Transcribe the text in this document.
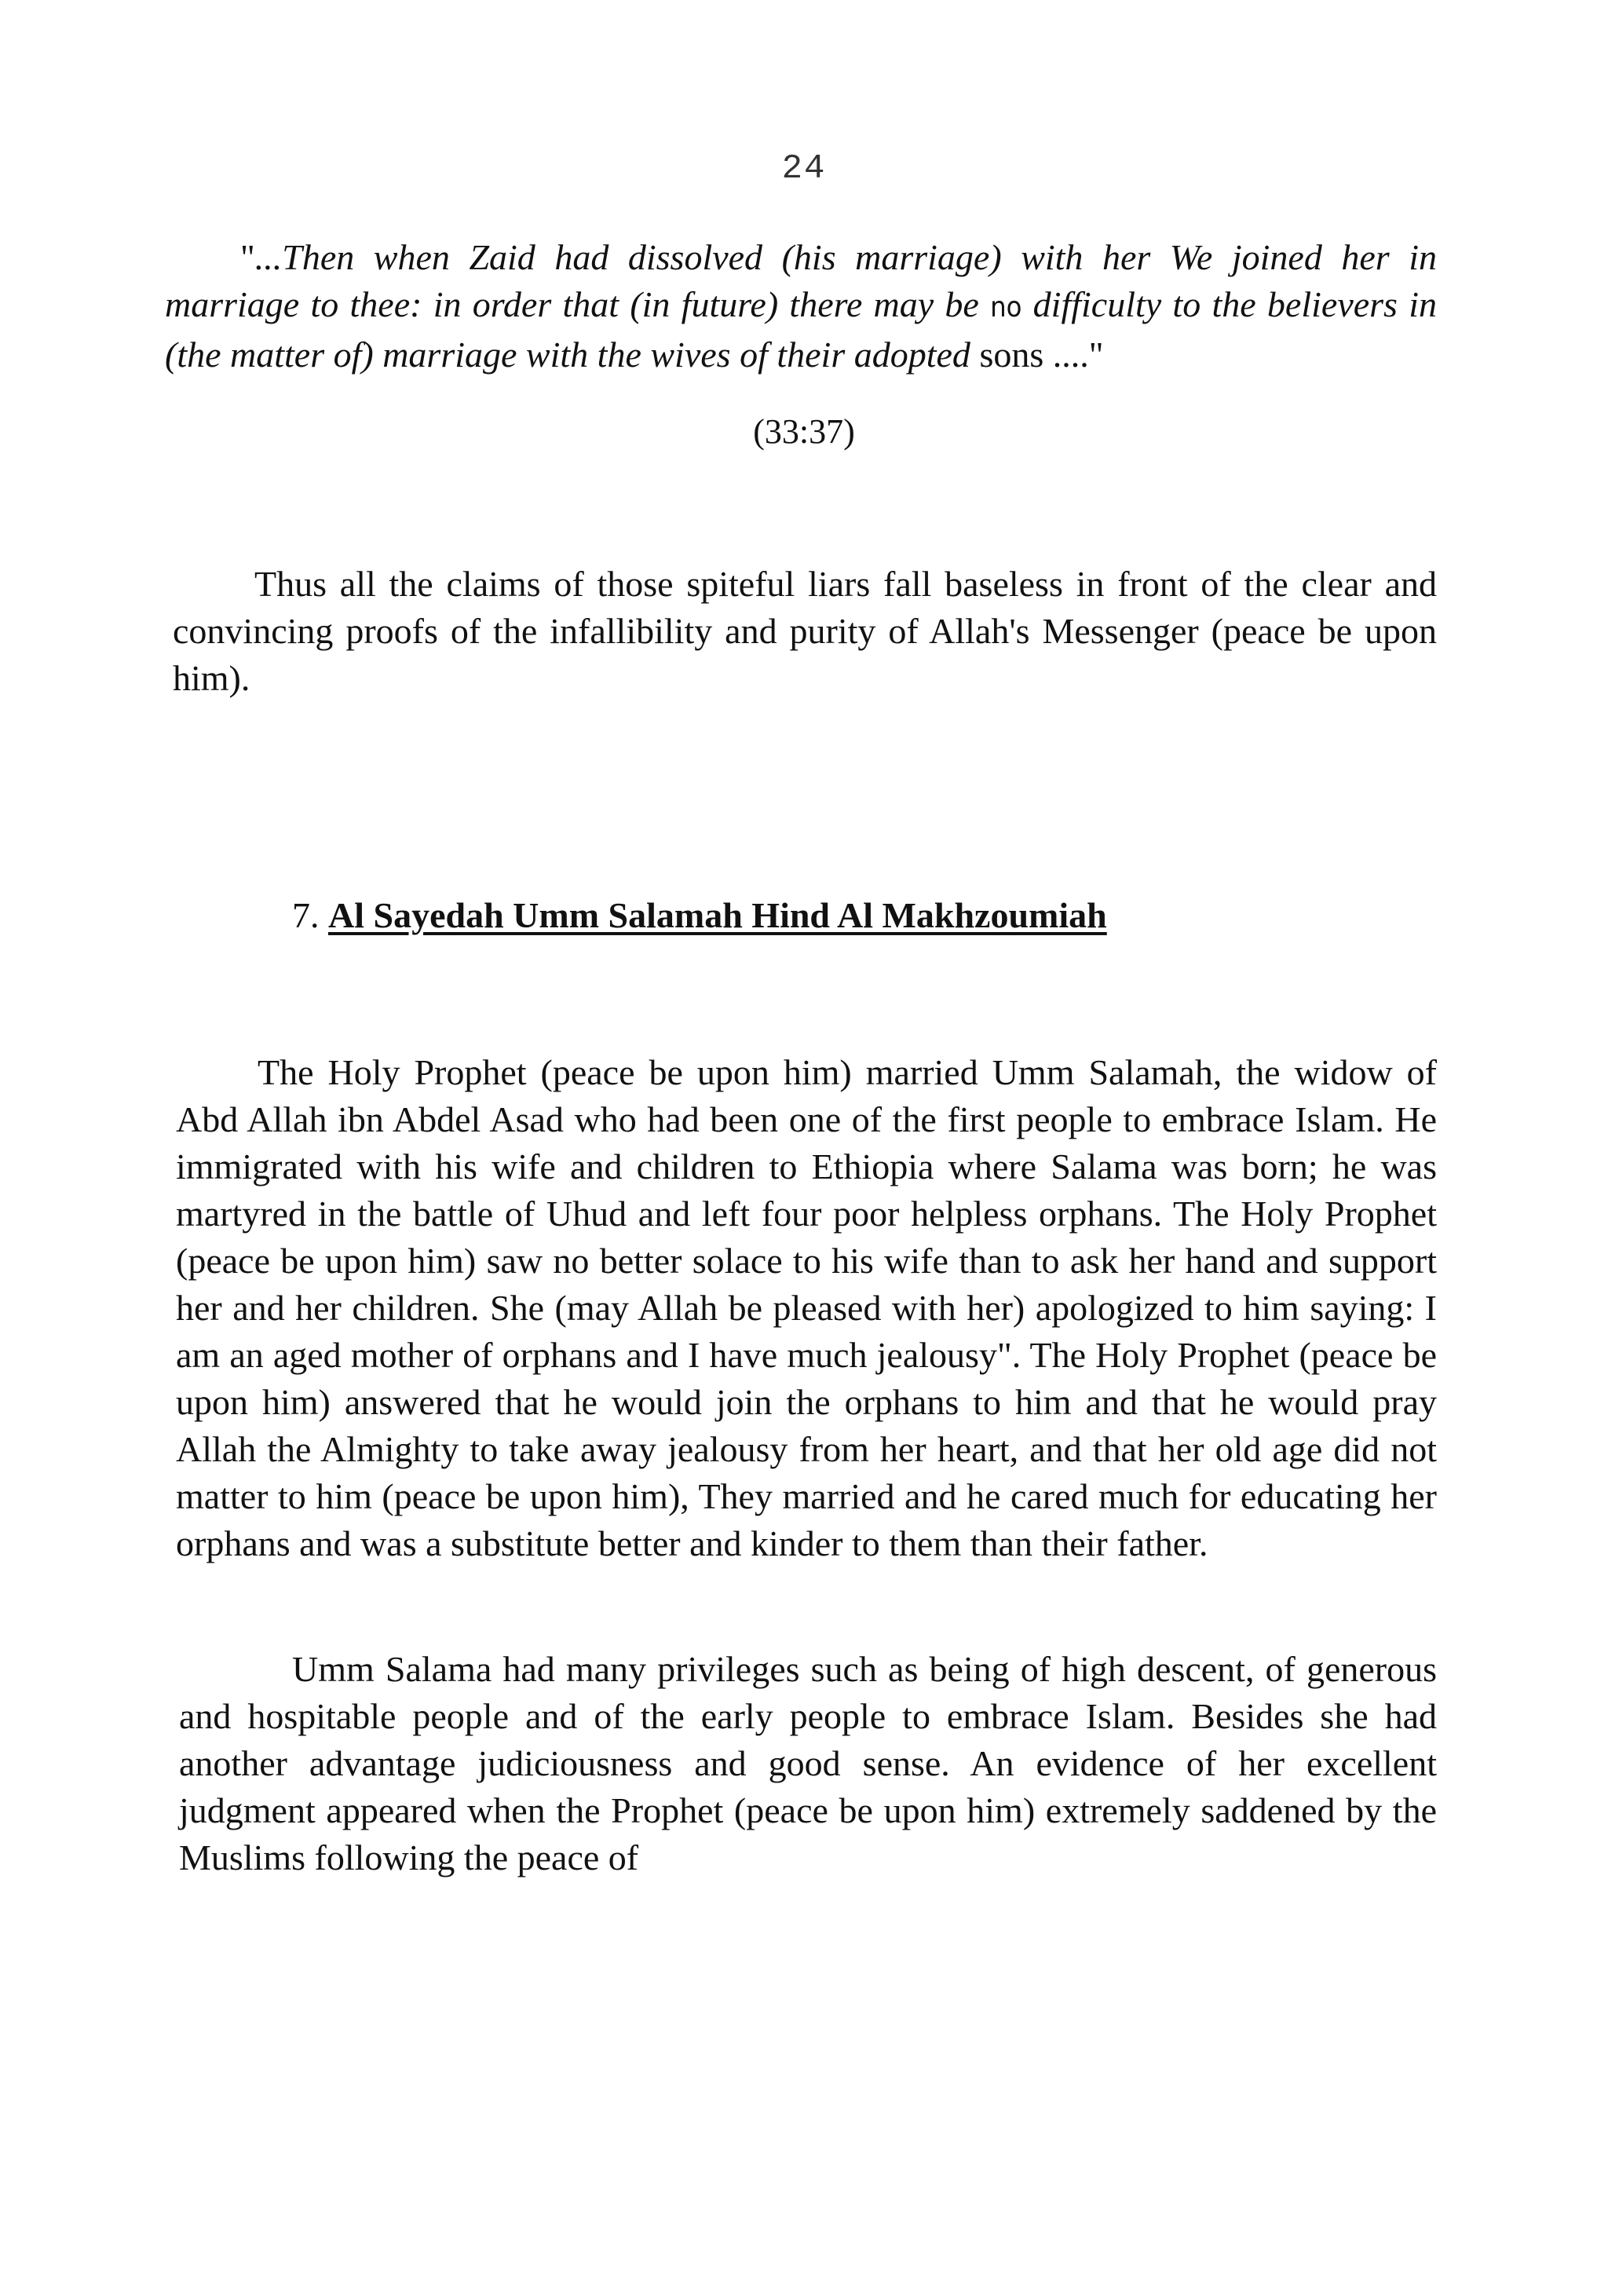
24

"...Then when Zaid had dissolved (his marriage) with her We joined her in marriage to thee: in order that (in future) there may be no difficulty to the believers in (the matter of) marriage with the wives of their adopted sons ...."

(33:37)

Thus all the claims of those spiteful liars fall baseless in front of the clear and convincing proofs of the infallibility and purity of Allah's Messenger (peace be upon him).

7. Al Sayedah Umm Salamah Hind Al Makhzoumiah

The Holy Prophet (peace be upon him) married Umm Salamah, the widow of Abd Allah ibn Abdel Asad who had been one of the first people to embrace Islam. He immigrated with his wife and children to Ethiopia where Salama was born; he was martyred in the battle of Uhud and left four poor helpless orphans. The Holy Prophet (peace be upon him) saw no better solace to his wife than to ask her hand and support her and her children. She (may Allah be pleased with her) apologized to him saying: I am an aged mother of orphans and I have much jealousy". The Holy Prophet (peace be upon him) answered that he would join the orphans to him and that he would pray Allah the Almighty to take away jealousy from her heart, and that her old age did not matter to him (peace be upon him), They married and he cared much for educating her orphans and was a substitute better and kinder to them than their father.

Umm Salama had many privileges such as being of high descent, of generous and hospitable people and of the early people to embrace Islam. Besides she had another advantage judiciousness and good sense. An evidence of her excellent judgment appeared when the Prophet (peace be upon him) extremely saddened by the Muslims following the peace of
